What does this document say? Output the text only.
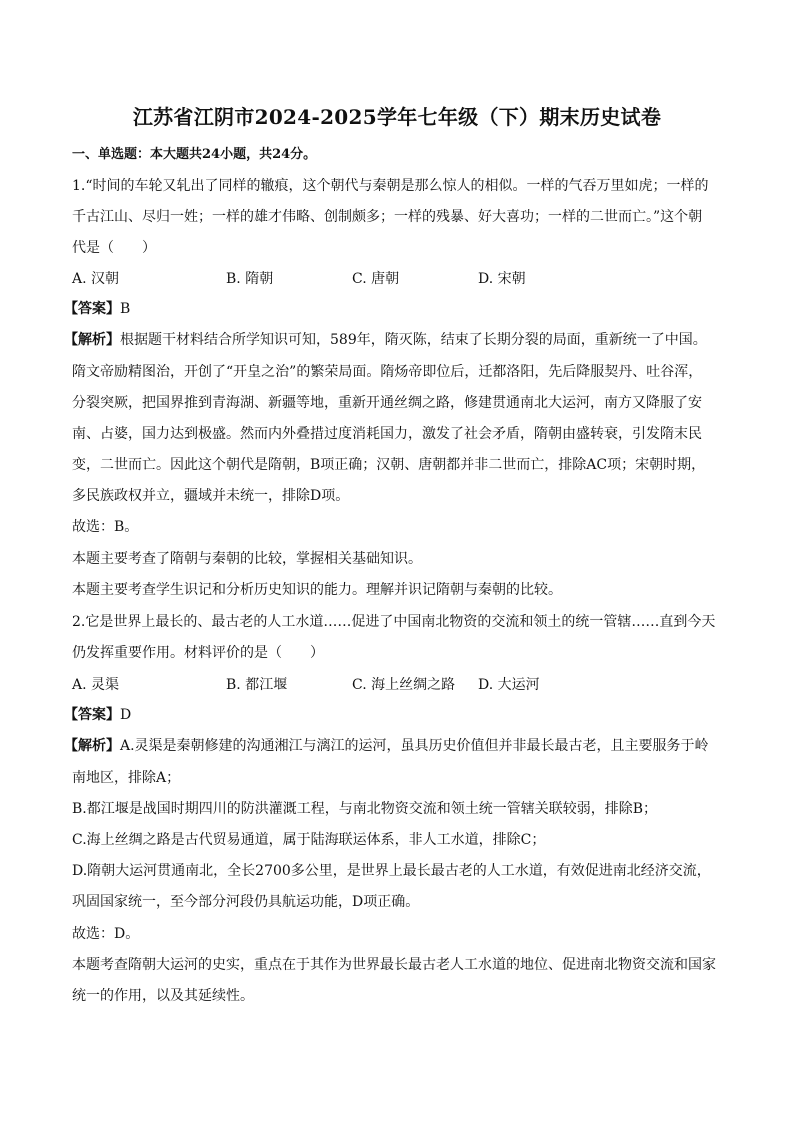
江苏省江阴市2024-2025学年七年级（下）期末历史试卷
一、单选题：本大题共24小题，共24分。
1.“时间的车轮又轧出了同样的辙痕，这个朝代与秦朝是那么惊人的相似。一样的气吞万里如虎；一样的
千古江山、尽归一姓；一样的雄才伟略、创制颇多；一样的残暴、好大喜功；一样的二世而亡。”这个朝
代是（　　）
A. 汉朝	B. 隋朝	C. 唐朝	D. 宋朝
【答案】B
【解析】根据题干材料结合所学知识可知，589年，隋灭陈，结束了长期分裂的局面，重新统一了中国。
隋文帝励精图治，开创了“开皇之治”的繁荣局面。隋炀帝即位后，迁都洛阳，先后降服契丹、吐谷浑，
分裂突厥，把国界推到青海湖、新疆等地，重新开通丝绸之路，修建贯通南北大运河，南方又降服了安
南、占婆，国力达到极盛。然而内外叠措过度消耗国力，激发了社会矛盾，隋朝由盛转衰，引发隋末民
变，二世而亡。因此这个朝代是隋朝，B项正确；汉朝、唐朝都并非二世而亡，排除AC项；宋朝时期，
多民族政权并立，疆域并未统一，排除D项。
故选：B。
本题主要考查了隋朝与秦朝的比较，掌握相关基础知识。
本题主要考查学生识记和分析历史知识的能力。理解并识记隋朝与秦朝的比较。
2.它是世界上最长的、最古老的人工水道……促进了中国南北物资的交流和领土的统一管辖……直到今天
仍发挥重要作用。材料评价的是（　　）
A. 灵渠	B. 都江堰	C. 海上丝绸之路 D. 大运河
【答案】D
【解析】A.灵渠是秦朝修建的沟通湘江与漓江的运河，虽具历史价值但并非最长最古老，且主要服务于岭
南地区，排除A；
B.都江堰是战国时期四川的防洪灌溉工程，与南北物资交流和领土统一管辖关联较弱，排除B；
C.海上丝绸之路是古代贸易通道，属于陆海联运体系，非人工水道，排除C；
D.隋朝大运河贯通南北，全长2700多公里，是世界上最长最古老的人工水道，有效促进南北经济交流，
巩固国家统一，至今部分河段仍具航运功能，D项正确。
故选：D。
本题考查隋朝大运河的史实，重点在于其作为世界最长最古老人工水道的地位、促进南北物资交流和国家
统一的作用，以及其延续性。
